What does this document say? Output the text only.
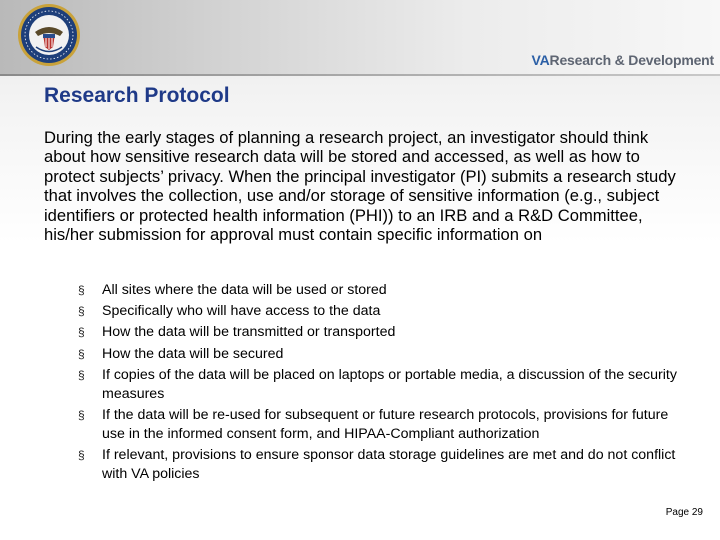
VAResearch & Development
Research Protocol

During the early stages of planning a research project, an investigator should think about how sensitive research data will be stored and accessed, as well as how to protect subjects’ privacy. When the principal investigator (PI) submits a research study that involves the collection, use and/or storage of sensitive information (e.g., subject identifiers or protected health information (PHI)) to an IRB and a R&D Committee, his/her submission for approval must contain specific information on

§ All sites where the data will be used or stored
§ Specifically who will have access to the data
§ How the data will be transmitted or transported
§ How the data will be secured
§ If copies of the data will be placed on laptops or portable media, a discussion of the security measures
§ If the data will be re-used for subsequent or future research protocols, provisions for future use in the informed consent form, and HIPAA-Compliant authorization
§ If relevant, provisions to ensure sponsor data storage guidelines are met and do not conflict with VA policies
Page 29
